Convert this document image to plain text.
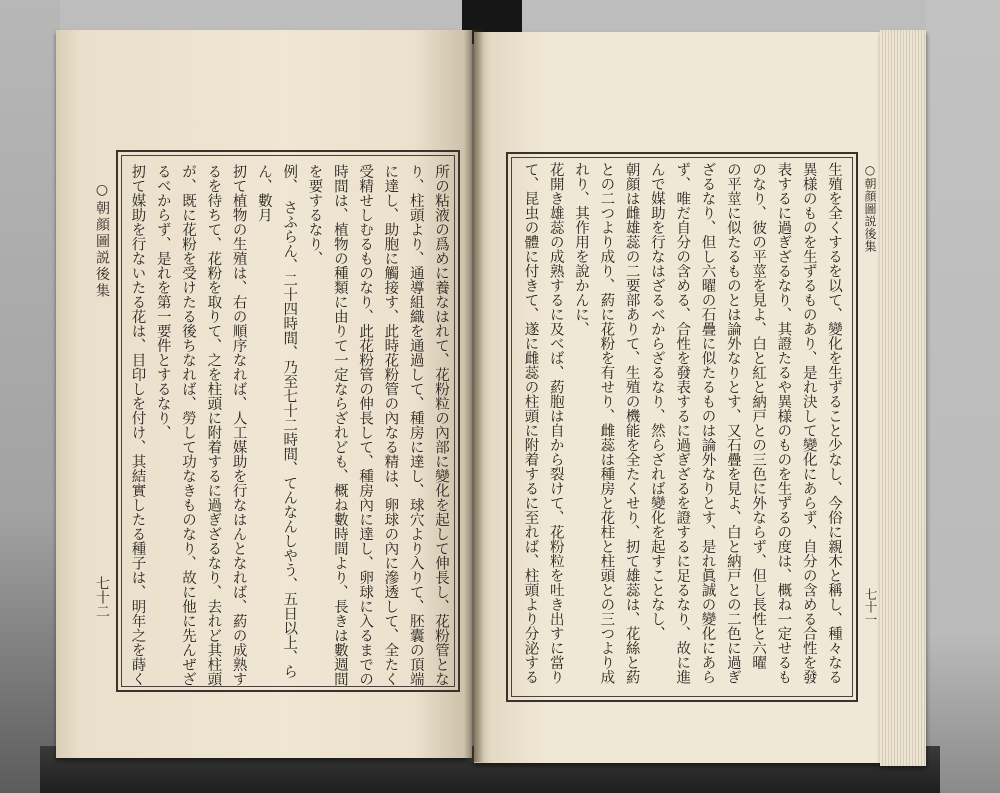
○朝顔圖説後集
七十二
○朝顔圖説後集
七十一
所の粘液の爲めに養なはれて、花粉粒の內部に變化を起して伸長し、花粉管とな
り、柱頭より、通導組織を通過して、種房に達し、球穴より入りて、胚囊の頂端
に達し、助胞に觸接す、此時花粉管の內なる精は、卵球の內に滲透して、全たく
受精せしむるものなり、此花粉管の伸長して、種房內に達し、卵球に入るまでの
時間は、植物の種類に由りて一定ならざれども、概ね數時間より、長きは數週間
を要するなり、
例、　さふらん、二十四時間、乃至七十二時間、てんなんしやう、五日以上、ら
ん、數月
扨て植物の生殖は、右の順序なれば、人工媒助を行なはんとなれば、葯の成熟す
るを待ちて、花粉を取りて、之を柱頭に附着するに過ぎざるなり、去れど其柱頭
が、既に花粉を受けたる後ちなれば、勞して功なきものなり、故に他に先んぜざ
るべからず、是れを第一要件とするなり、
扨て媒助を行ないたる花は、目印しを付け、其結實したる種子は、明年之を蒔く	生殖を全くするを以て、變化を生ずること少なし、今俗に親木と稱し、種々なる
異様のものを生ずるものあり、是れ決して變化にあらず、自分の含める合性を發
表するに過ぎざるなり、其證たるや異様のものを生ずるの度は、概ね一定せるも
のなり、彼の平莖を見よ、白と紅と納戸との三色に外ならず、但し長性と六曜
の平莖に似たるものとは論外なりとす、又石疊を見よ、白と納戸との二色に過ぎ
ざるなり、但し六曜の石疊に似たるものは論外なりとす、是れ眞誠の變化にあら
ず、唯だ自分の含める、合性を發表するに過ぎざるを證するに足るなり、故に進
んで媒助を行なはざるべからざるなり、然らざれば變化を起すことなし、
朝顔は雌雄蕊の二要部ありて、生殖の機能を全たくせり、扨て雄蕊は、花絲と葯
との二つより成り、葯に花粉を有せり、雌蕊は種房と花柱と柱頭との三つより成
れり、其作用を說かんに、
花開き雄蕊の成熟するに及べば、葯胞は自から裂けて、花粉粒を吐き出すに當り
て、昆虫の體に付きて、遂に雌蕊の柱頭に附着するに至れば、柱頭より分泌する
